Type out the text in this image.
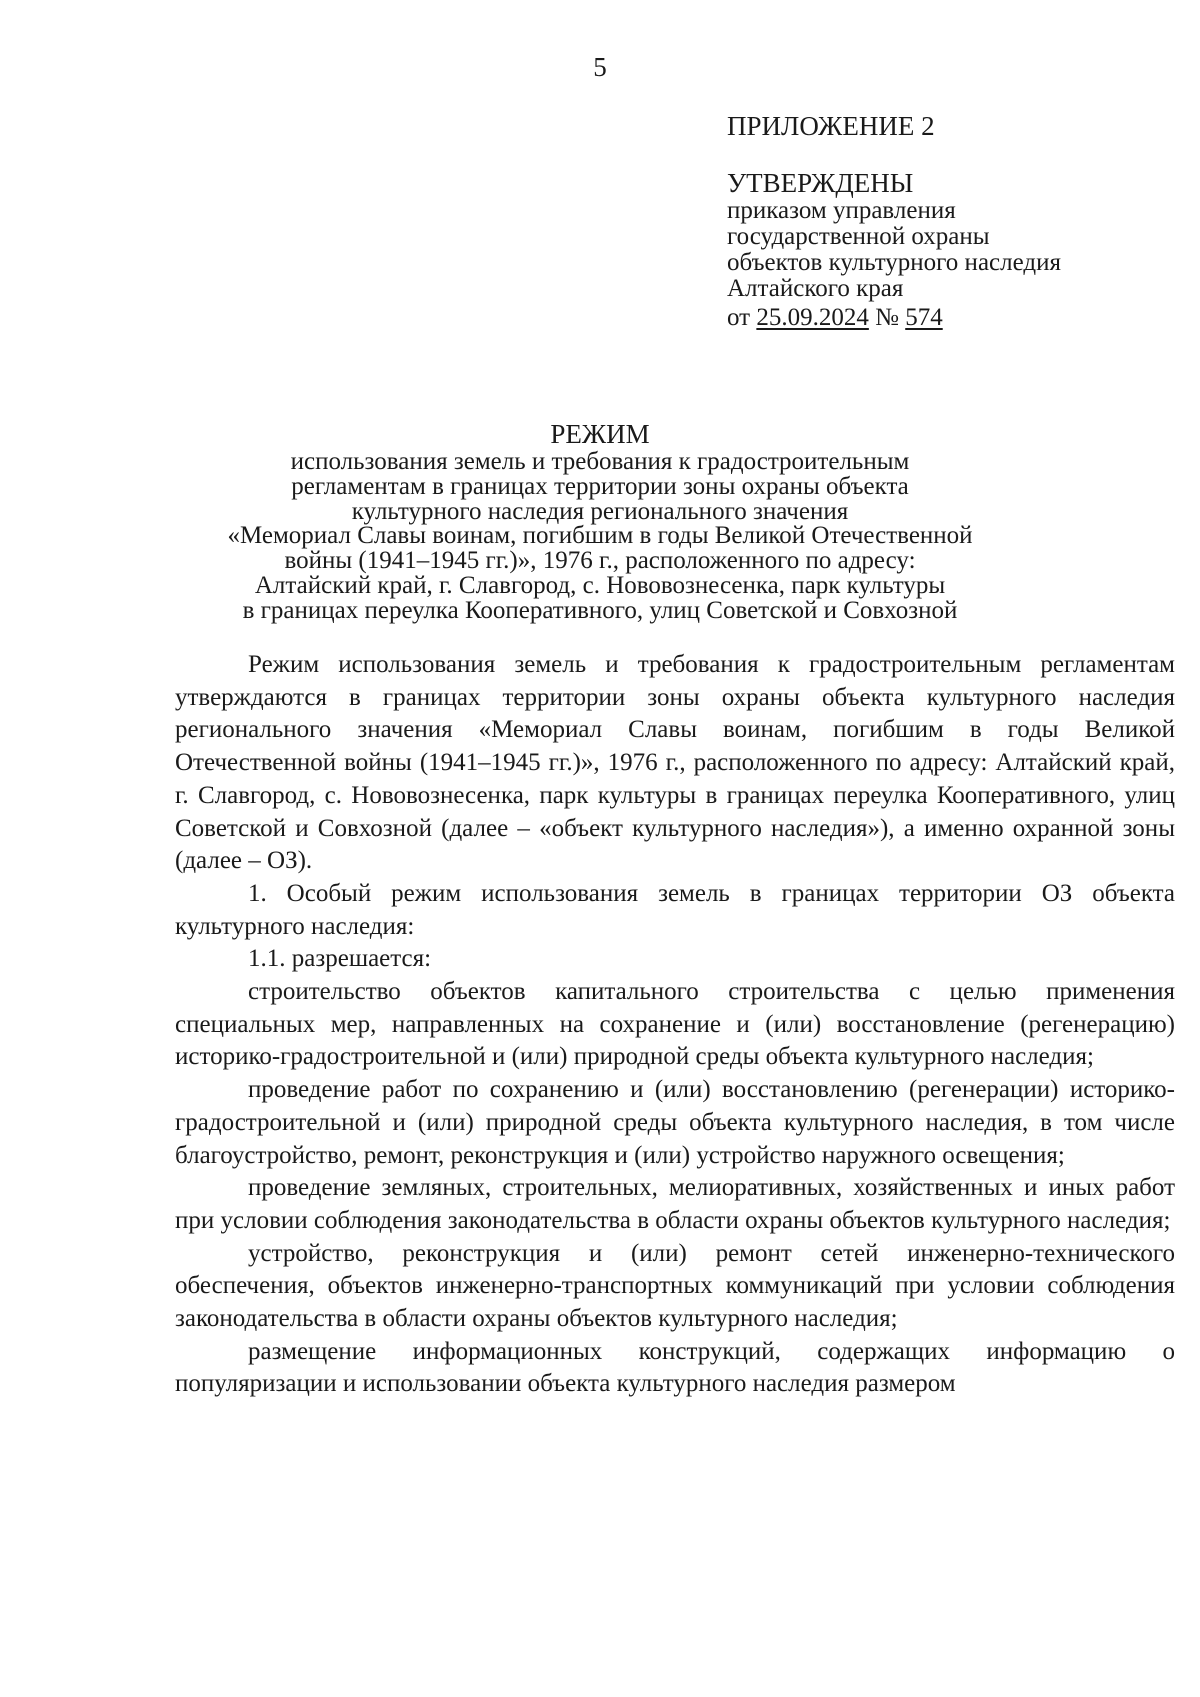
5

ПРИЛОЖЕНИЕ 2

УТВЕРЖДЕНЫ

приказом управления

государственной охраны

объектов культурного наследия

Алтайского края

от 25.09.2024 № 574

РЕЖИМ

использования земель и требования к градостроительным

регламентам в границах территории зоны охраны объекта

культурного наследия регионального значения

«Мемориал Славы воинам, погибшим в годы Великой Отечественной

войны (1941–1945 гг.)», 1976 г., расположенного по адресу:

Алтайский край, г. Славгород, с. Нововознесенка, парк культуры

в границах переулка Кооперативного, улиц Советской и Совхозной

Режим использования земель и требования к градостроительным регламентам утверждаются в границах территории зоны охраны объекта культурного наследия регионального значения «Мемориал Славы воинам, погибшим в годы Великой Отечественной войны (1941–1945 гг.)», 1976 г., расположенного по адресу: Алтайский край, г. Славгород, с. Нововознесенка, парк культуры в границах переулка Кооперативного, улиц Советской и Совхозной (далее – «объект культурного наследия»), а именно охранной зоны (далее – ОЗ).

1. Особый режим использования земель в границах территории ОЗ объекта культурного наследия:

1.1. разрешается:

строительство объектов капитального строительства с целью применения специальных мер, направленных на сохранение и (или) восстановление (регенерацию) историко-градостроительной и (или) природной среды объекта культурного наследия;

проведение работ по сохранению и (или) восстановлению (регенерации) историко-градостроительной и (или) природной среды объекта культурного наследия, в том числе благоустройство, ремонт, реконструкция и (или) устройство наружного освещения;

проведение земляных, строительных, мелиоративных, хозяйственных и иных работ при условии соблюдения законодательства в области охраны объектов культурного наследия;

устройство, реконструкция и (или) ремонт сетей инженерно-технического обеспечения, объектов инженерно-транспортных коммуникаций при условии соблюдения законодательства в области охраны объектов культурного наследия;

размещение информационных конструкций, содержащих информацию о популяризации и использовании объекта культурного наследия размером
